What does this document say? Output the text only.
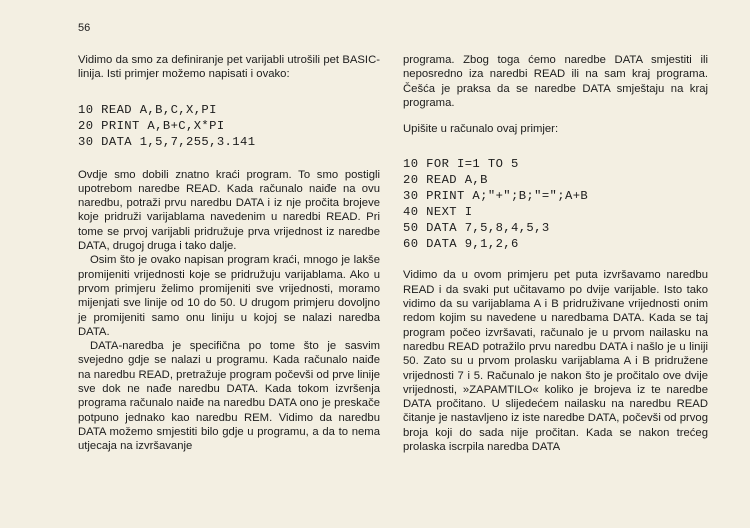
56

Vidimo da smo za definiranje pet varijabli utrošili pet BASIC-linija. Isti primjer možemo napisati i ovako:

10 READ A,B,C,X,PI
20 PRINT A,B+C,X*PI
30 DATA 1,5,7,255,3.141

Ovdje smo dobili znatno kraći program. To smo postigli upotrebom naredbe READ. Kada računalo naiđe na ovu naredbu, potraži prvu naredbu DATA i iz nje pročita brojeve koje pridruži varijablama navedenim u naredbi READ. Pri tome se prvoj varijabli pridružuje prva vrijednost iz naredbe DATA, drugoj druga i tako dalje.

Osim što je ovako napisan program kraći, mnogo je lakše promijeniti vrijednosti koje se pridružuju varijablama. Ako u prvom primjeru želimo promijeniti sve vrijednosti, moramo mijenjati sve linije od 10 do 50. U drugom primjeru dovoljno je promijeniti samo onu liniju u kojoj se nalazi naredba DATA.

DATA-naredba je specifična po tome što je sasvim svejedno gdje se nalazi u programu. Kada računalo naiđe na naredbu READ, pretražuje program počevši od prve linije sve dok ne nađe naredbu DATA. Kada tokom izvršenja programa računalo naiđe na naredbu DATA ono je preskače potpuno jednako kao naredbu REM. Vidimo da naredbu DATA možemo smjestiti bilo gdje u programu, a da to nema utjecaja na izvršavanje

programa. Zbog toga ćemo naredbe DATA smjestiti ili neposredno iza naredbi READ ili na sam kraj programa. Češća je praksa da se naredbe DATA smještaju na kraj programa.

Upišite u računalo ovaj primjer:

10 FOR I=1 TO 5
20 READ A,B
30 PRINT A;"+";B;"=";A+B
40 NEXT I
50 DATA 7,5,8,4,5,3
60 DATA 9,1,2,6

Vidimo da u ovom primjeru pet puta izvršavamo naredbu READ i da svaki put učitavamo po dvije varijable. Isto tako vidimo da su varijablama A i B pridruživane vrijednosti onim redom kojim su navedene u naredbama DATA. Kada se taj program počeo izvršavati, računalo je u prvom nailasku na naredbu READ potražilo prvu naredbu DATA i našlo je u liniji 50. Zato su u prvom prolasku varijablama A i B pridružene vrijednosti 7 i 5. Računalo je nakon što je pročitalo ove dvije vrijednosti, »ZAPAMTILO« koliko je brojeva iz te naredbe DATA pročitano. U slijedećem nailasku na naredbu READ čitanje je nastavljeno iz iste naredbe DATA, počevši od prvog broja koji do sada nije pročitan. Kada se nakon trećeg prolaska iscrpila naredba DATA
